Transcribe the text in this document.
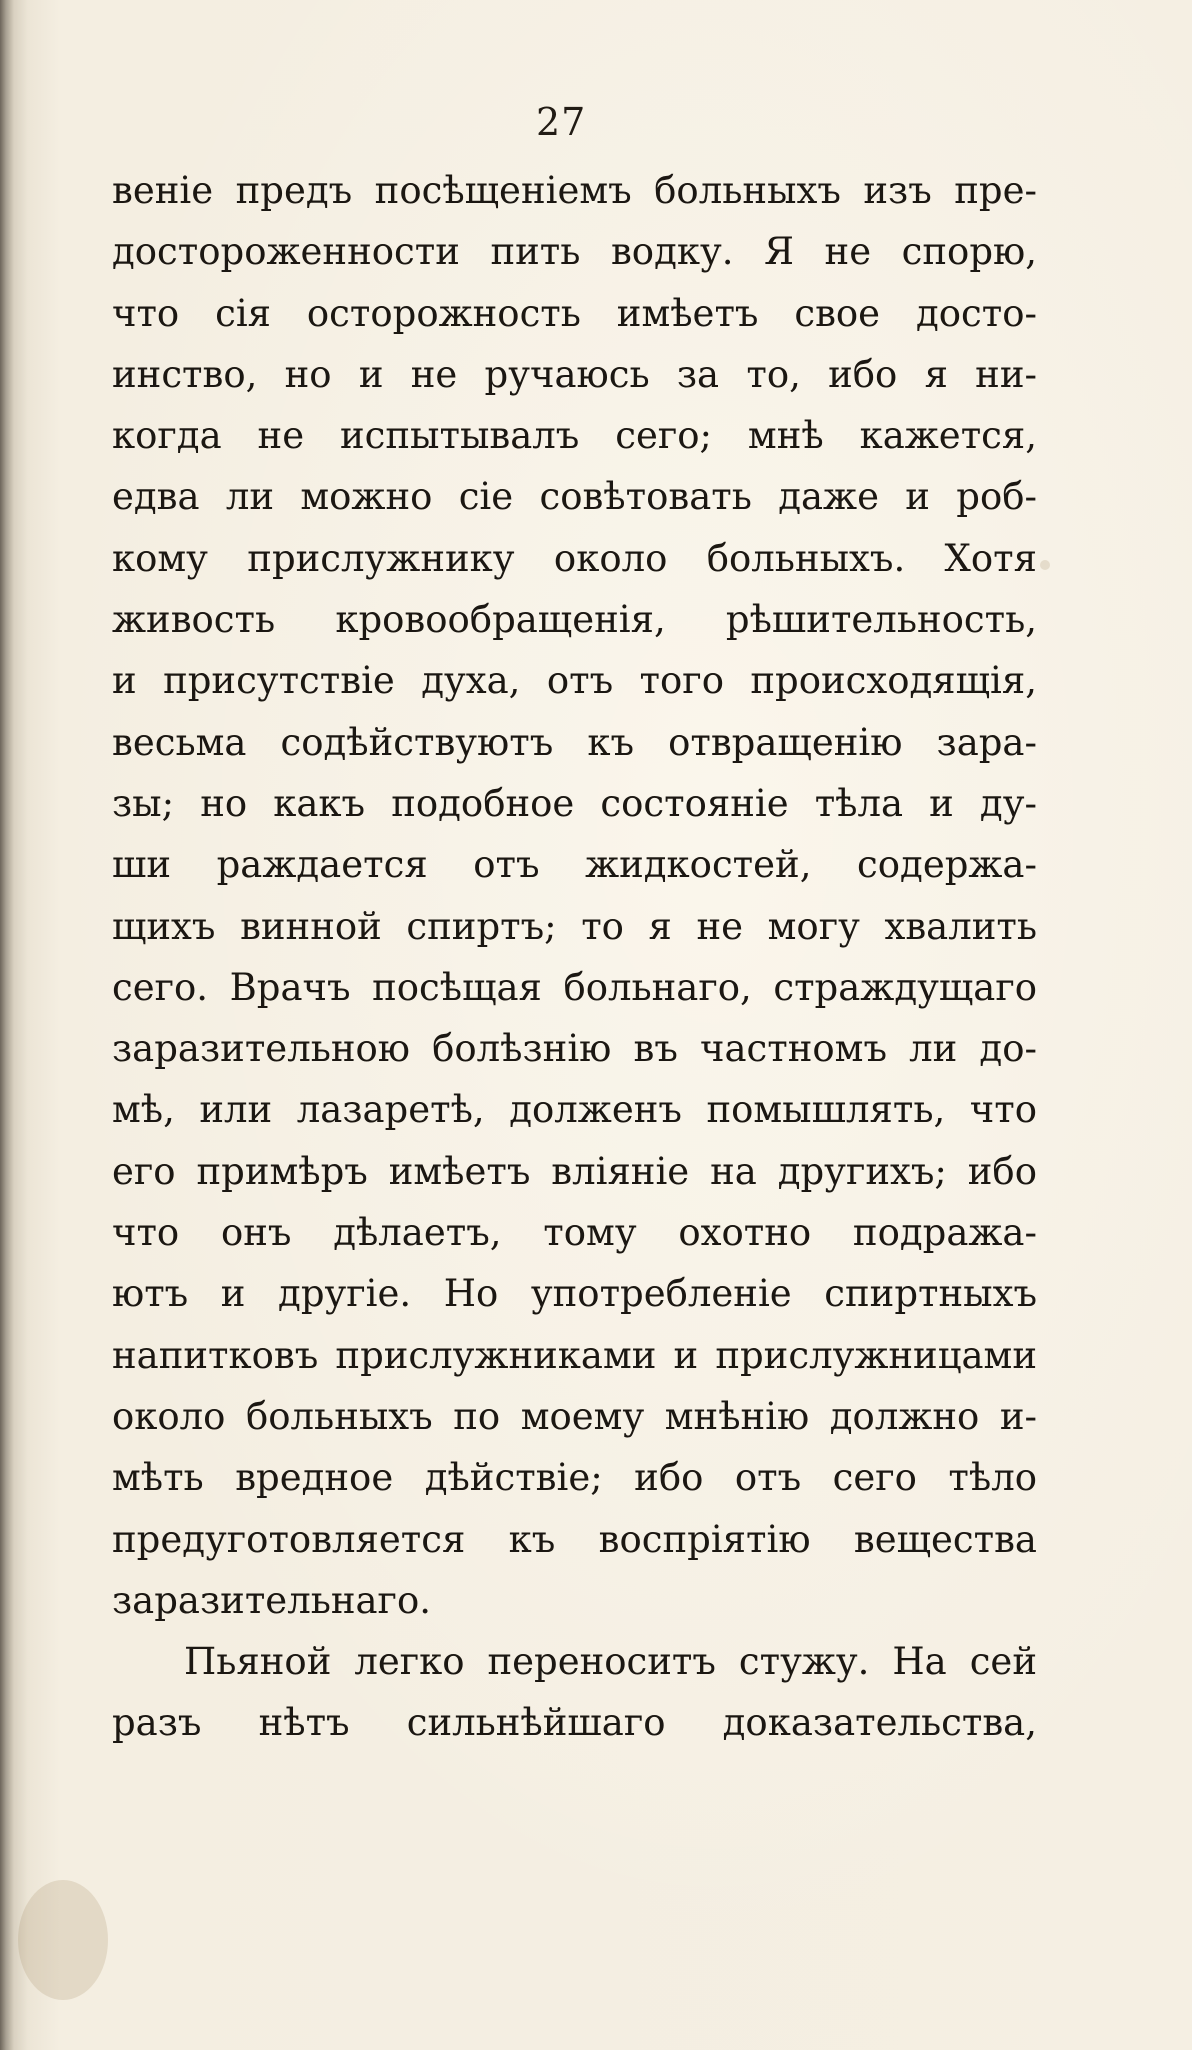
27
веніе предъ посѣщеніемъ больныхъ изъ пре-
достороженности пить водку. Я не спорю,
что сія осторожность имѣетъ свое досто-
инство, но и не ручаюсь за то, ибо я ни-
когда не испытывалъ сего; мнѣ кажется,
едва ли можно сіе совѣтовать даже и роб-
кому прислужнику около больныхъ. Хотя
живость кровообращенія, рѣшительность,
и присутствіе духа, отъ того происходящія,
весьма содѣйствуютъ къ отвращенію зара-
зы; но какъ подобное состояніе тѣла и ду-
ши раждается отъ жидкостей, содержа-
щихъ винной спиртъ; то я не могу хвалить
сего. Врачъ посѣщая больнаго, страждущаго
заразительною болѣзнію въ частномъ ли до-
мѣ, или лазаретѣ, долженъ помышлять, что
его примѣръ имѣетъ вліяніе на другихъ; ибо
что онъ дѣлаетъ, тому охотно подража-
ютъ и другіе. Но употребленіе спиртныхъ
напитковъ прислужниками и прислужницами
около больныхъ по моему мнѣнію должно и-
мѣть вредное дѣйствіе; ибо отъ сего тѣло
предуготовляется къ воспріятію вещества
заразительнаго.
Пьяной легко переноситъ стужу. На сей
разъ нѣтъ сильнѣйшаго доказательства,
